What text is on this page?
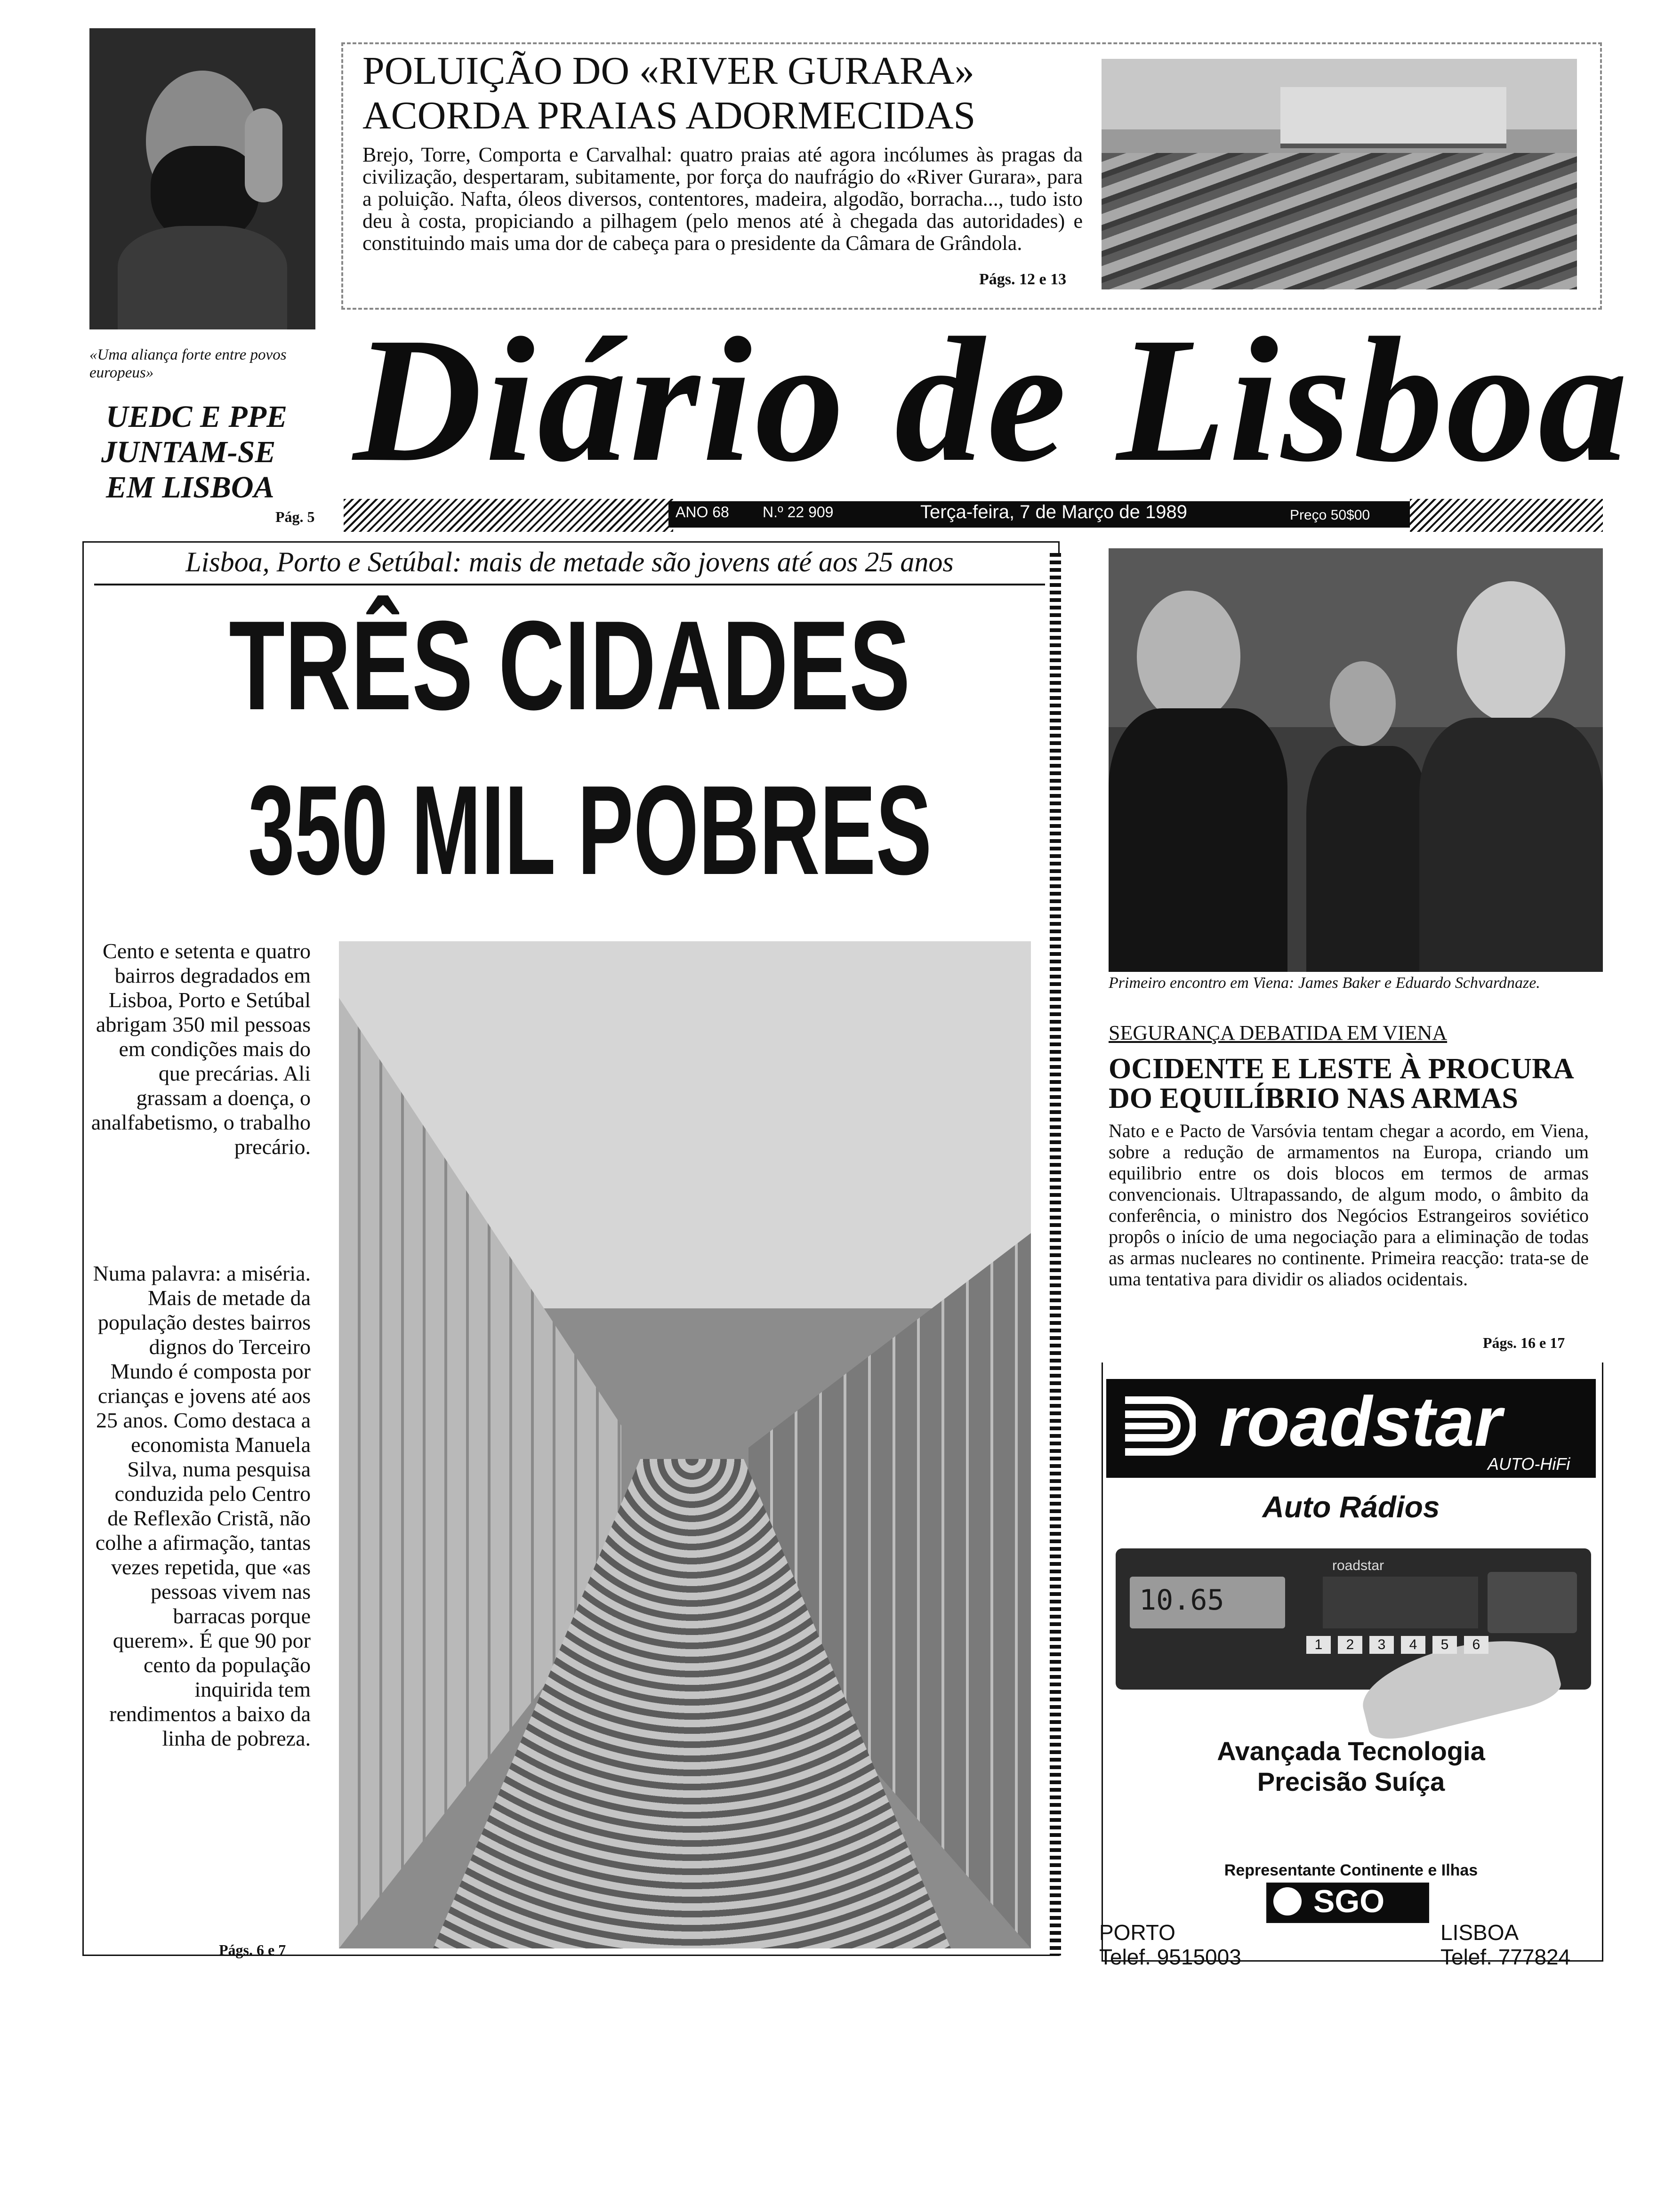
POLUIÇÃO DO «RIVER GURARA»
ACORDA PRAIAS ADORMECIDAS
Brejo, Torre, Comporta e Carvalhal: quatro praias até agora incólumes às pragas da civilização, despertaram, subitamente, por força do naufrágio do «River Gurara», para a poluição. Nafta, óleos diversos, contentores, madeira, algodão, borracha..., tudo isto deu à costa, propiciando a pilhagem (pelo menos até à chegada das autoridades) e constituindo mais uma dor de cabeça para o presidente da Câmara de Grândola.
Págs. 12 e 13
«Uma aliança forte entre povos europeus»
UEDC E PPE
JUNTAM-SE
EM LISBOA
Pág. 5
Diário de Lisboa
ANO 68 N.º 22 909	Terça-feira, 7 de Março de 1989	Preço 50$00
Lisboa, Porto e Setúbal: mais de metade são jovens até aos 25 anos
TRÊS CIDADES
350 MIL POBRES
Cento e setenta e quatro bairros degradados em Lisboa, Porto e Setúbal abrigam 350 mil pessoas em condições mais do que precárias. Ali grassam a doença, o analfabetismo, o trabalho precário.
Numa palavra: a miséria. Mais de metade da população destes bairros dignos do Terceiro Mundo é composta por crianças e jovens até aos 25 anos. Como destaca a economista Manuela Silva, numa pesquisa conduzida pelo Centro de Reflexão Cristã, não colhe a afirmação, tantas vezes repetida, que «as pessoas vivem nas barracas porque querem». É que 90 por cento da população inquirida tem rendimentos a baixo da linha de pobreza.
Págs. 6 e 7
Primeiro encontro em Viena: James Baker e Eduardo Schvardnaze.
SEGURANÇA DEBATIDA EM VIENA
OCIDENTE E LESTE À PROCURA
DO EQUILÍBRIO NAS ARMAS
Nato e e Pacto de Varsóvia tentam chegar a acordo, em Viena, sobre a redução de armamentos na Europa, criando um equilibrio entre os dois blocos em termos de armas convencionais. Ultrapassando, de algum modo, o âmbito da conferência, o ministro dos Negócios Estrangeiros soviético propôs o início de uma negociação para a eliminação de todas as armas nucleares no continente. Primeira reacção: trata-se de uma tentativa para dividir os aliados ocidentais.
Págs. 16 e 17
roadstar
AUTO-HiFi
Auto Rádios
roadstar
10.65
1	2	3	4	5	6
Avançada Tecnologia
Precisão Suíça
Representante Continente e Ilhas
SGO
PORTO
Telef. 9515003
LISBOA
Telef. 777824
